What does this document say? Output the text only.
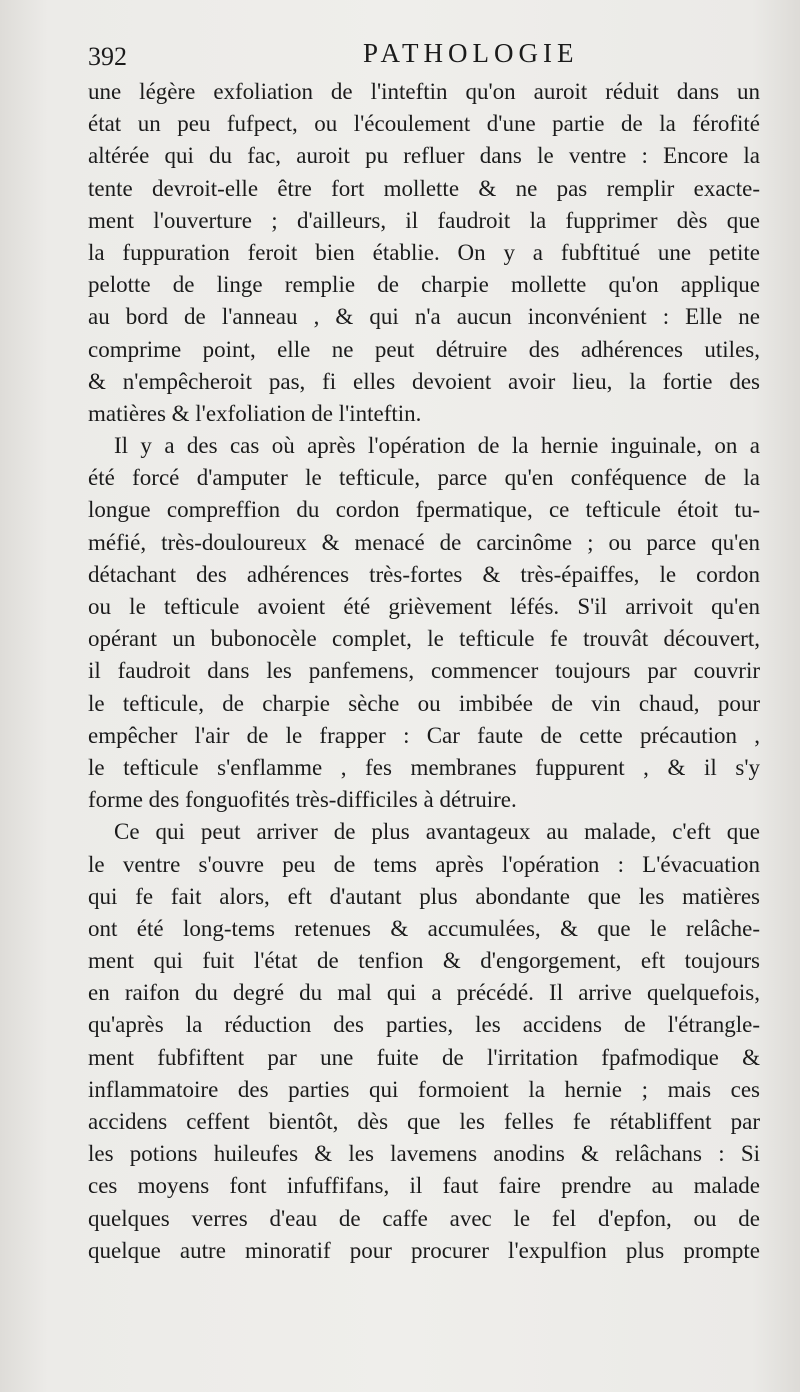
392	PATHOLOGIE
une légère exfoliation de l'inteftin qu'on auroit réduit dans un
état un peu fufpect, ou l'écoulement d'une partie de la férofité
altérée qui du fac, auroit pu refluer dans le ventre : Encore la
tente devroit-elle être fort mollette & ne pas remplir exacte-
ment l'ouverture ; d'ailleurs, il faudroit la fupprimer dès que
la fuppuration feroit bien établie. On y a fubftitué une petite
pelotte de linge remplie de charpie mollette qu'on applique
au bord de l'anneau , & qui n'a aucun inconvénient : Elle ne
comprime point, elle ne peut détruire des adhérences utiles,
& n'empêcheroit pas, fi elles devoient avoir lieu, la fortie des
matières & l'exfoliation de l'inteftin.
Il y a des cas où après l'opération de la hernie inguinale, on a
été forcé d'amputer le tefticule, parce qu'en conféquence de la
longue compreffion du cordon fpermatique, ce tefticule étoit tu-
méfié, très-douloureux & menacé de carcinôme ; ou parce qu'en
détachant des adhérences très-fortes & très-épaiffes, le cordon
ou le tefticule avoient été grièvement léfés. S'il arrivoit qu'en
opérant un bubonocèle complet, le tefticule fe trouvât découvert,
il faudroit dans les panfemens, commencer toujours par couvrir
le tefticule, de charpie sèche ou imbibée de vin chaud, pour
empêcher l'air de le frapper : Car faute de cette précaution ,
le tefticule s'enflamme , fes membranes fuppurent , & il s'y
forme des fonguofités très-difficiles à détruire.
Ce qui peut arriver de plus avantageux au malade, c'eft que
le ventre s'ouvre peu de tems après l'opération : L'évacuation
qui fe fait alors, eft d'autant plus abondante que les matières
ont été long-tems retenues & accumulées, & que le relâche-
ment qui fuit l'état de tenfion & d'engorgement, eft toujours
en raifon du degré du mal qui a précédé. Il arrive quelquefois,
qu'après la réduction des parties, les accidens de l'étrangle-
ment fubfiftent par une fuite de l'irritation fpafmodique &
inflammatoire des parties qui formoient la hernie ; mais ces
accidens ceffent bientôt, dès que les felles fe rétabliffent par
les potions huileufes & les lavemens anodins & relâchans : Si
ces moyens font infuffifans, il faut faire prendre au malade
quelques verres d'eau de caffe avec le fel d'epfon, ou de
quelque autre minoratif pour procurer l'expulfion plus prompte
